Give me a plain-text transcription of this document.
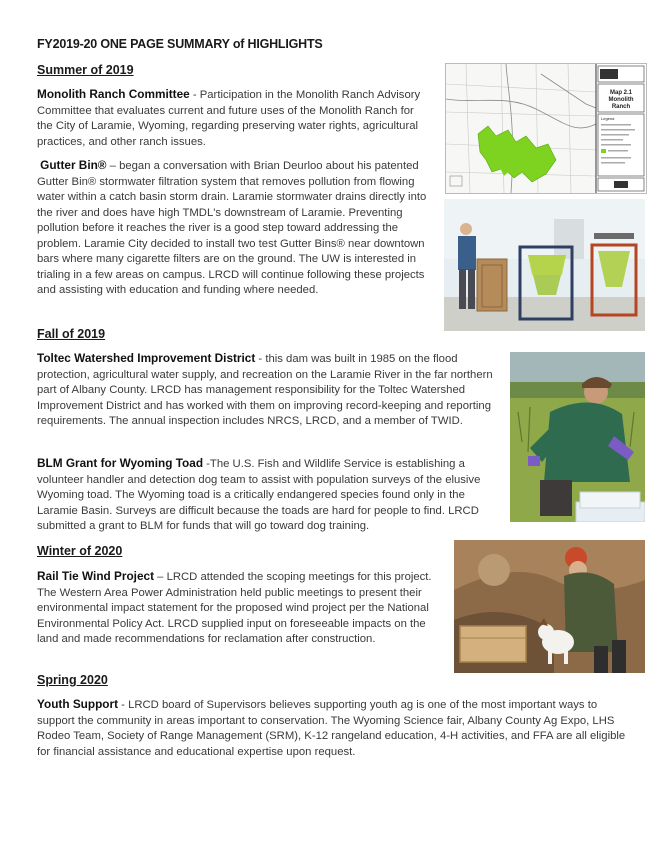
FY2019-20 ONE PAGE SUMMARY of HIGHLIGHTS
Summer of 2019
Monolith Ranch Committee - Participation in the Monolith Ranch Advisory Committee that evaluates current and future uses of the Monolith Ranch for the City of Laramie, Wyoming, regarding preserving water rights, agricultural practices, and other ranch issues.
Gutter Bin® – began a conversation with Brian Deurloo about his patented Gutter Bin® stormwater filtration system that removes pollution from flowing water within a catch basin storm drain. Laramie stormwater drains directly into the river and does have high TMDL's downstream of Laramie. Preventing pollution before it reaches the river is a good step toward addressing the problem. Laramie City decided to install two test Gutter Bins® near downtown bars where many cigarette filters are on the ground. The UW is interested in trialing in a few areas on campus. LRCD will continue following these projects and assisting with education and funding where needed.
Map 2.1
Monolith
Ranch
Legend
Fall of 2019
Toltec Watershed Improvement District - this dam was built in 1985 on the flood protection, agricultural water supply, and recreation on the Laramie River in the far northern part of Albany County. LRCD has management responsibility for the Toltec Watershed Improvement District and has worked with them on improving record-keeping and reporting requirements. The annual inspection includes NRCS, LRCD, and a member of TWID.
BLM Grant for Wyoming Toad -The U.S. Fish and Wildlife Service is establishing a volunteer handler and detection dog team to assist with population surveys of the elusive Wyoming toad. The Wyoming toad is a critically endangered species found only in the Laramie Basin. Surveys are difficult because the toads are hard for people to find. LRCD submitted a grant to BLM for funds that will go toward dog training.
Winter of 2020
Rail Tie Wind Project – LRCD attended the scoping meetings for this project. The Western Area Power Administration held public meetings to present their environmental impact statement for the proposed wind project per the National Environmental Policy Act. LRCD supplied input on foreseeable impacts on the land and made recommendations for reclamation after construction.
Spring 2020
Youth Support - LRCD board of Supervisors believes supporting youth ag is one of the most important ways to support the community in areas important to conservation. The Wyoming Science fair, Albany County Ag Expo, LHS Rodeo Team, Society of Range Management (SRM), K-12 rangeland education, 4-H activities, and FFA are all eligible for financial assistance and educational expertise upon request.
